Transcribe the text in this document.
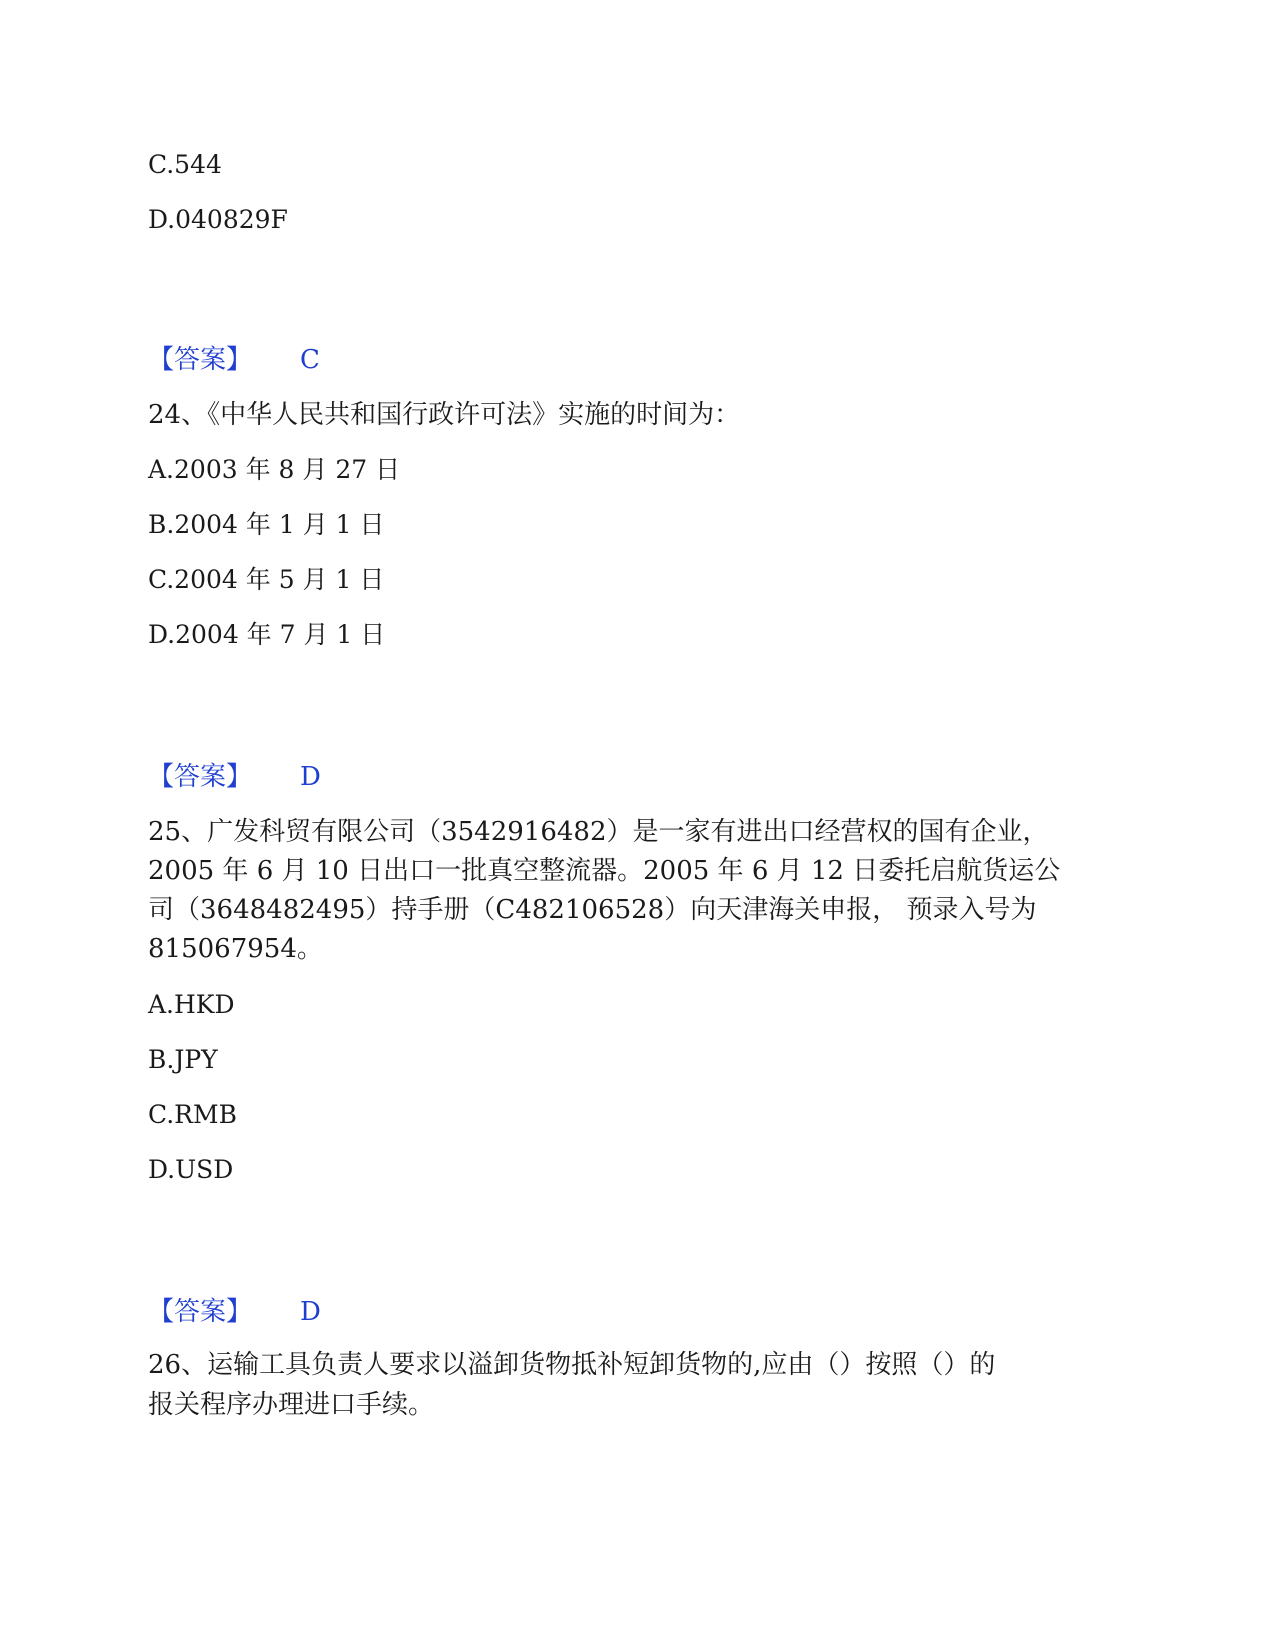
C.544
D.040829F
【答案】 C
24、《中华人民共和国行政许可法》实施的时间为：
A.2003 年 8 月 27 日
B.2004 年 1 月 1 日
C.2004 年 5 月 1 日
D.2004 年 7 月 1 日
【答案】 D
25、广发科贸有限公司（3542916482）是一家有进出口经营权的国有企业，
2005 年 6 月 10 日出口一批真空整流器。2005 年 6 月 12 日委托启航货运公
司（3648482495）持手册（C482106528）向天津海关申报， 预录入号为
815067954。
A.HKD
B.JPY
C.RMB
D.USD
【答案】 D
26、运输工具负责人要求以溢卸货物抵补短卸货物的,应由（）按照（）的
报关程序办理进口手续。
